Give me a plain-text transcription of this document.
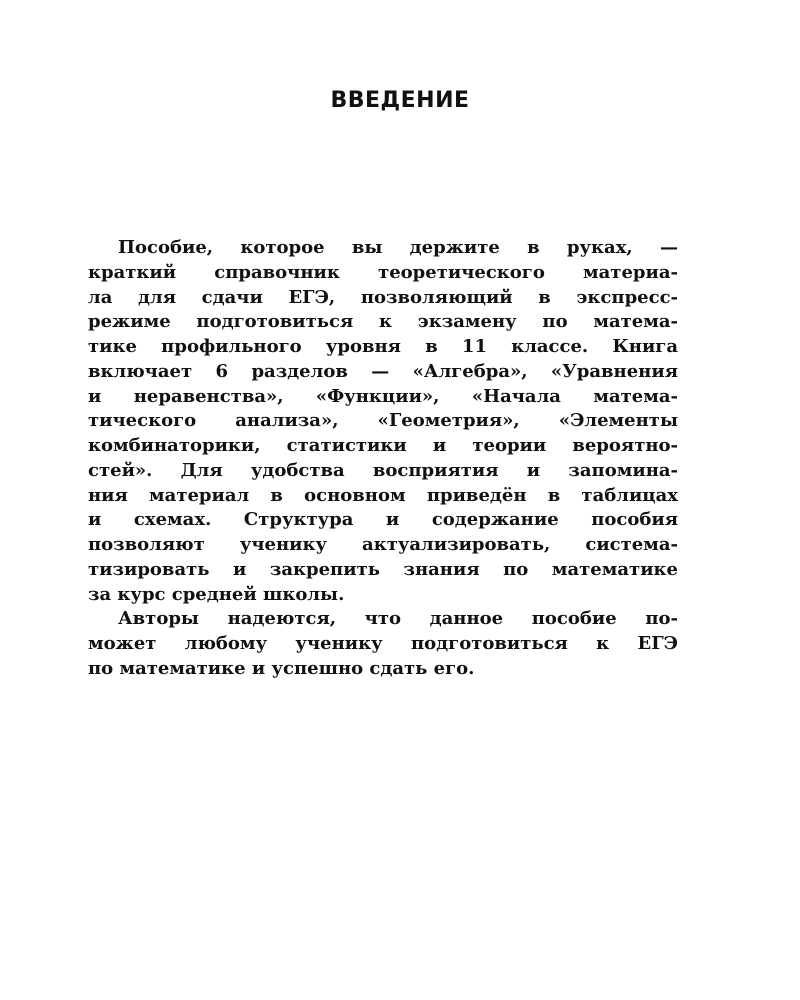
ВВЕДЕНИЕ
Пособие, которое вы держите в руках, —
краткий справочник теоретического материа-
ла для сдачи ЕГЭ, позволяющий в экспресс-
режиме подготовиться к экзамену по матема-
тике профильного уровня в 11 классе. Книга
включает 6 разделов — «Алгебра», «Уравнения
и неравенства», «Функции», «Начала матема-
тического анализа», «Геометрия», «Элементы
комбинаторики, статистики и теории вероятно-
стей». Для удобства восприятия и запомина-
ния материал в основном приведён в таблицах
и схемах. Структура и содержание пособия
позволяют ученику актуализировать, система-
тизировать и закрепить знания по математике
за курс средней школы.
Авторы надеются, что данное пособие по-
может любому ученику подготовиться к ЕГЭ
по математике и успешно сдать его.
